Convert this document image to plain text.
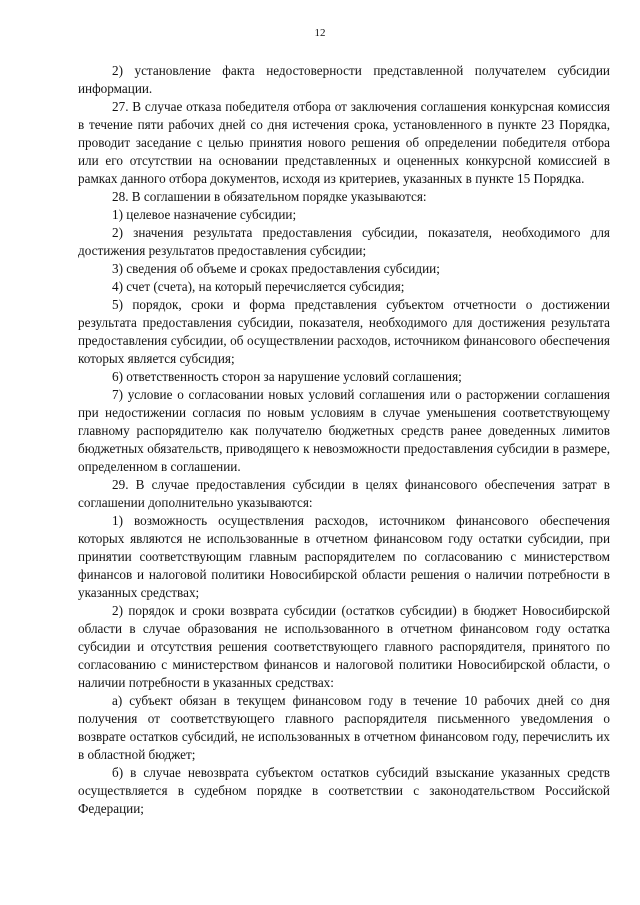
12

2) установление факта недостоверности представленной получателем субсидии информации.

27. В случае отказа победителя отбора от заключения соглашения конкурсная комиссия в течение пяти рабочих дней со дня истечения срока, установленного в пункте 23 Порядка, проводит заседание с целью принятия нового решения об определении победителя отбора или его отсутствии на основании представленных и оцененных конкурсной комиссией в рамках данного отбора документов, исходя из критериев, указанных в пункте 15 Порядка.

28. В соглашении в обязательном порядке указываются:

1) целевое назначение субсидии;

2) значения результата предоставления субсидии, показателя, необходимого для достижения результатов предоставления субсидии;

3) сведения об объеме и сроках предоставления субсидии;

4) счет (счета), на который перечисляется субсидия;

5) порядок, сроки и форма представления субъектом отчетности о достижении результата предоставления субсидии, показателя, необходимого для достижения результата предоставления субсидии, об осуществлении расходов, источником финансового обеспечения которых является субсидия;

6) ответственность сторон за нарушение условий соглашения;

7) условие о согласовании новых условий соглашения или о расторжении соглашения при недостижении согласия по новым условиям в случае уменьшения соответствующему главному распорядителю как получателю бюджетных средств ранее доведенных лимитов бюджетных обязательств, приводящего к невозможности предоставления субсидии в размере, определенном в соглашении.

29. В случае предоставления субсидии в целях финансового обеспечения затрат в соглашении дополнительно указываются:

1) возможность осуществления расходов, источником финансового обеспечения которых являются не использованные в отчетном финансовом году остатки субсидии, при принятии соответствующим главным распорядителем по согласованию с министерством финансов и налоговой политики Новосибирской области решения о наличии потребности в указанных средствах;

2) порядок и сроки возврата субсидии (остатков субсидии) в бюджет Новосибирской области в случае образования не использованного в отчетном финансовом году остатка субсидии и отсутствия решения соответствующего главного распорядителя, принятого по согласованию с министерством финансов и налоговой политики Новосибирской области, о наличии потребности в указанных средствах:

а) субъект обязан в текущем финансовом году в течение 10 рабочих дней со дня получения от соответствующего главного распорядителя письменного уведомления о возврате остатков субсидий, не использованных в отчетном финансовом году, перечислить их в областной бюджет;

б) в случае невозврата субъектом остатков субсидий взыскание указанных средств осуществляется в судебном порядке в соответствии с законодательством Российской Федерации;
